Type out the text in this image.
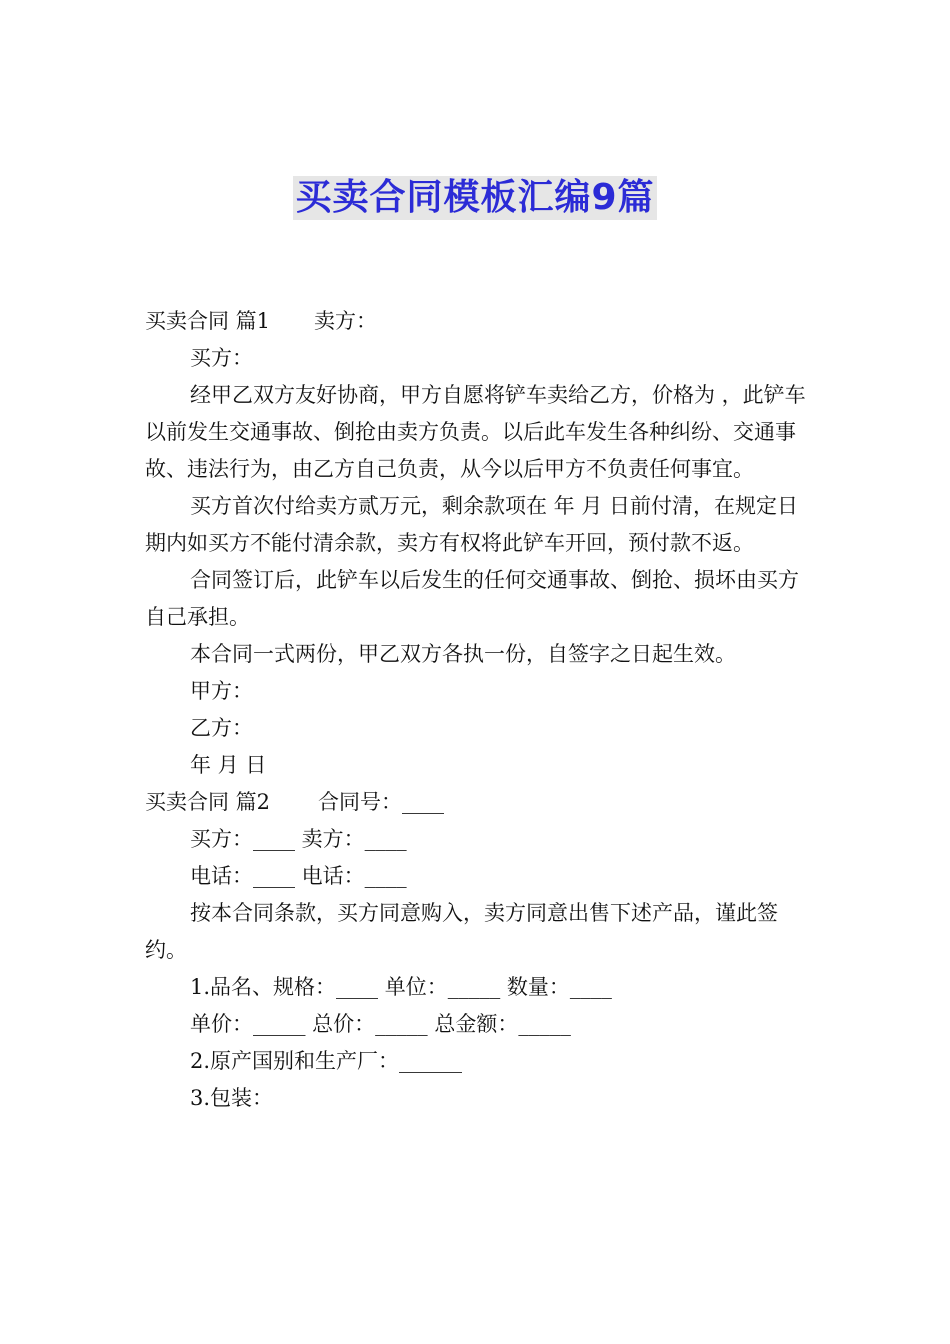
买卖合同模板汇编9篇

买卖合同 篇1 卖方：

买方：

经甲乙双方友好协商，甲方自愿将铲车卖给乙方，价格为 ，此铲车以前发生交通事故、倒抢由卖方负责。以后此车发生各种纠纷、交通事故、违法行为，由乙方自己负责，从今以后甲方不负责任何事宜。

买方首次付给卖方贰万元，剩余款项在 年 月 日前付清，在规定日期内如买方不能付清余款，卖方有权将此铲车开回，预付款不返。

合同签订后，此铲车以后发生的任何交通事故、倒抢、损坏由买方自己承担。

本合同一式两份，甲乙双方各执一份，自签字之日起生效。

甲方：

乙方：

年 月 日

买卖合同 篇2 合同号：____

买方：____ 卖方：____

电话：____ 电话：____

按本合同条款，买方同意购入，卖方同意出售下述产品，谨此签约。

1.品名、规格：____ 单位：_____ 数量：____

单价：_____ 总价：_____ 总金额：_____

2.原产国别和生产厂：______

3.包装：
